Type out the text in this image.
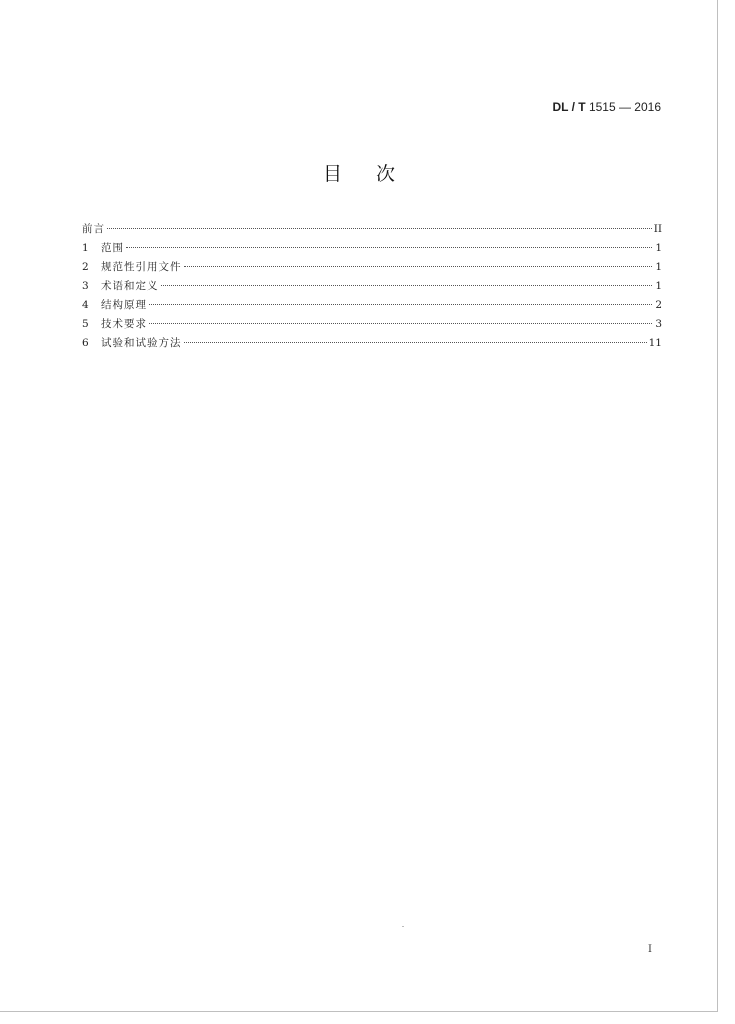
DL / T 1515 — 2016
目次
前言	II
1	范围	1
2	规范性引用文件	1
3	术语和定义	1
4	结构原理	2
5	技术要求	3
6	试验和试验方法	11
I
